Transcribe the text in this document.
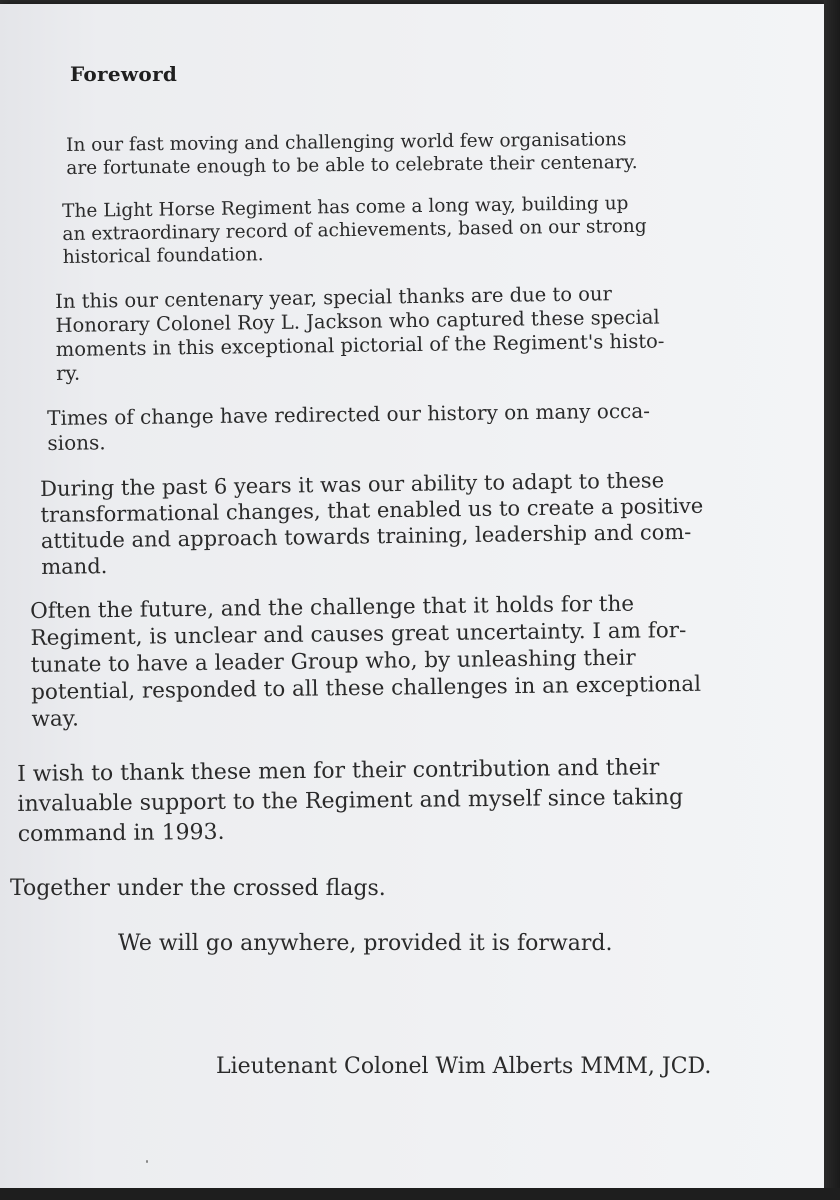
Foreword
In our fast moving and challenging world few organisations
are fortunate enough to be able to celebrate their centenary.
The Light Horse Regiment has come a long way, building up
an extraordinary record of achievements, based on our strong
historical foundation.
In this our centenary year, special thanks are due to our
Honorary Colonel Roy L. Jackson who captured these special
moments in this exceptional pictorial of the Regiment's histo-
ry.
Times of change have redirected our history on many occa-
sions.
During the past 6 years it was our ability to adapt to these
transformational changes, that enabled us to create a positive
attitude and approach towards training, leadership and com-
mand.
Often the future, and the challenge that it holds for the
Regiment, is unclear and causes great uncertainty. I am for-
tunate to have a leader Group who, by unleashing their
potential, responded to all these challenges in an exceptional
way.
I wish to thank these men for their contribution and their
invaluable support to the Regiment and myself since taking
command in 1993.
Together under the crossed flags.
We will go anywhere, provided it is forward.
Lieutenant Colonel Wim Alberts MMM, JCD.
